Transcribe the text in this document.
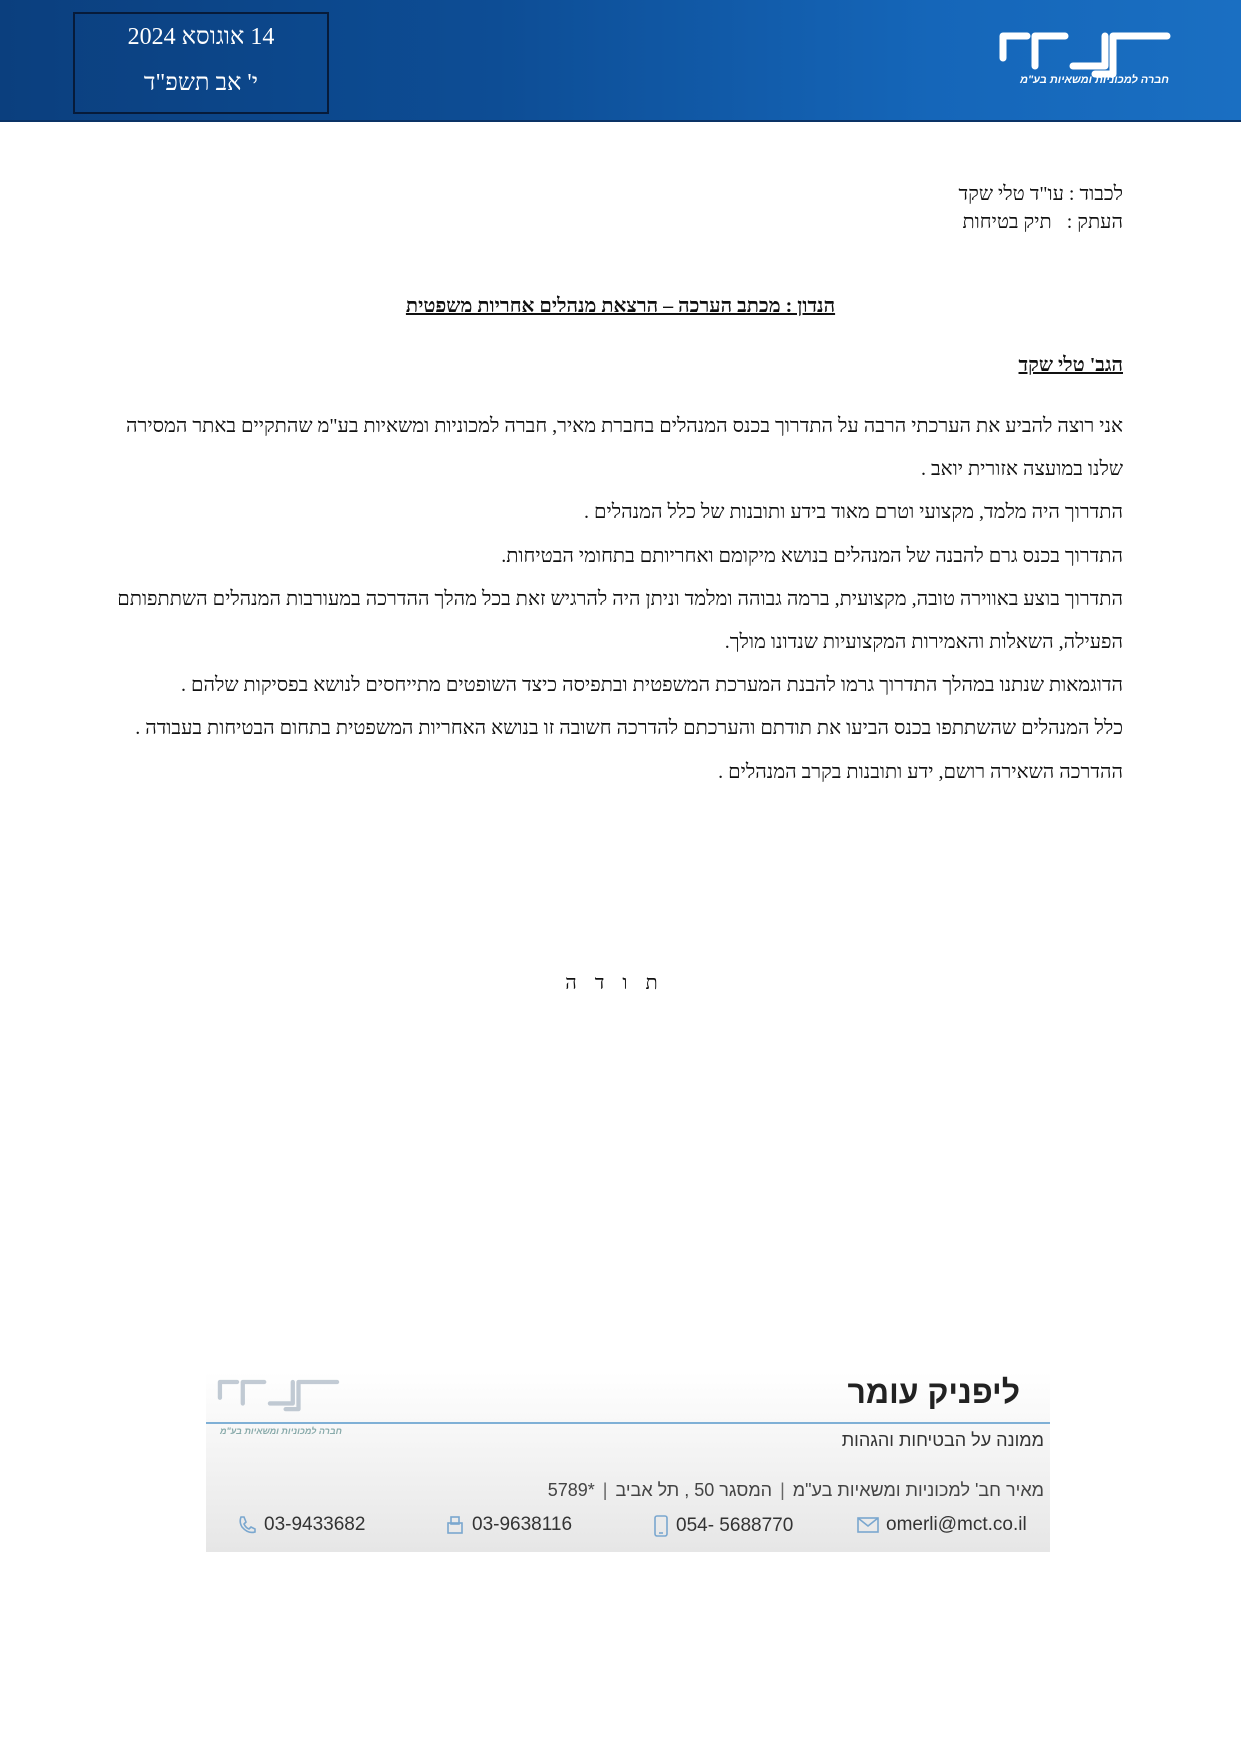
14 אוגוסא 2024
י' אב תשפ"ד	חברה למכוניות ומשאיות בע"מ
לכבוד : עו"ד טלי שקד
העתק :   תיק בטיחות
הנדון : מכתב הערכה – הרצאת מנהלים אחריות משפטית
הגב' טלי שקד

אני רוצה להביע את הערכתי הרבה על התדרוך בכנס המנהלים בחברת מאיר, חברה למכוניות ומשאיות בע"מ שהתקיים באתר המסירה שלנו במועצה אזורית יואב .

התדרוך היה מלמד, מקצועי וטרם מאוד בידע ותובנות של כלל המנהלים .

התדרוך בכנס גרם להבנה של המנהלים בנושא מיקומם ואחריותם בתחומי הבטיחות.

התדרוך בוצע באווירה טובה, מקצועית, ברמה גבוהה ומלמד וניתן היה להרגיש זאת בכל מהלך ההדרכה במעורבות המנהלים השתתפותם הפעילה, השאלות והאמירות המקצועיות שנדונו מולך.

הדוגמאות שנתנו במהלך התדרוך גרמו להבנת המערכת המשפטית ובתפיסה כיצד השופטים מתייחסים לנושא בפסיקות שלהם .

כלל המנהלים שהשתתפו בכנס הביעו את תודתם והערכתם להדרכה חשובה זו בנושא האחריות המשפטית בתחום הבטיחות בעבודה .

ההדרכה השאירה רושם, ידע ותובנות בקרב המנהלים .

תודה
חברה למכוניות ומשאיות בע"מ
ליפניק עומר
ממונה על הבטיחות והגהות
מאיר חב' למכוניות ומשאיות בע"מ|המסגר 50 , תל אביב|*5789
03-9433682	03-9638116	054- 5688770	omerli@mct.co.il
